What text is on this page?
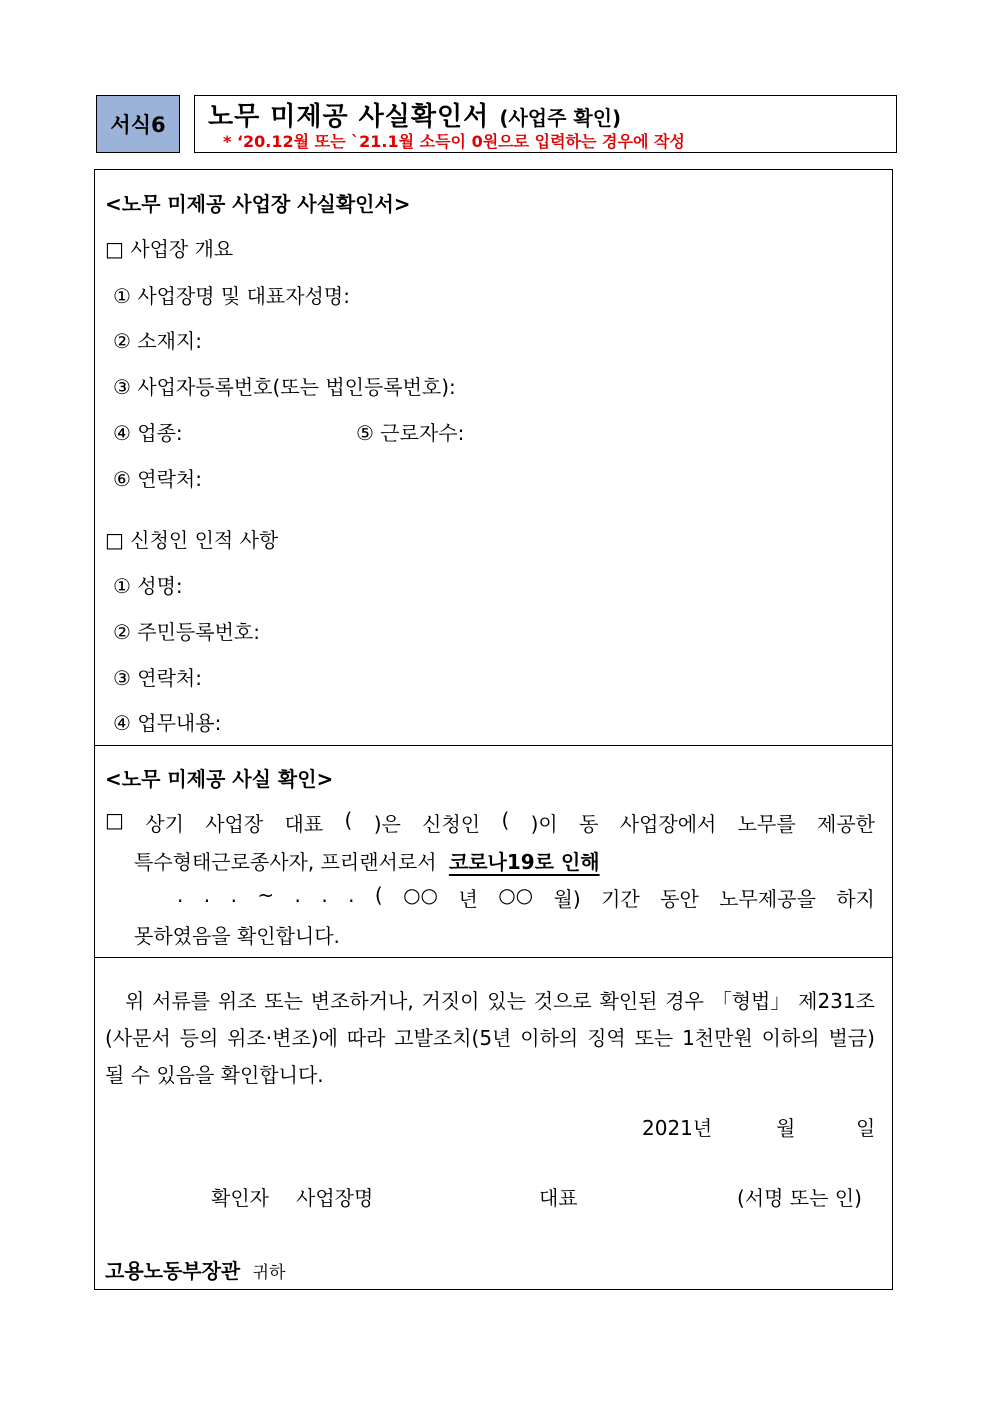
서식6	노무 미제공 사실확인서 (사업주 확인)
* ‘20.12월 또는 `21.1월 소득이 0원으로 입력하는 경우에 작성
<노무 미제공 사업장 사실확인서>
□ 사업장 개요
① 사업장명 및 대표자성명:
② 소재지:
③ 사업자등록번호(또는 법인등록번호):
④ 업종:	⑤ 근로자수:
⑥ 연락처:
□ 신청인 인적 사항
① 성명:
② 주민등록번호:
③ 연락처:
④ 업무내용:
<노무 미제공 사실 확인>
□ 상기 사업장 대표 ( )은 신청인 ( )이 동 사업장에서 노무를 제공한
특수형태근로종사자, 프리랜서로서 코로나19로 인해
. . . ~ . . . ( ○○ 년 ○○ 월) 기간 동안 노무제공을 하지
못하였음을 확인합니다.
위 서류를 위조 또는 변조하거나, 거짓이 있는 것으로 확인된 경우 「형법」 제231조
(사문서 등의 위조·변조)에 따라 고발조치(5년 이하의 징역 또는 1천만원 이하의 벌금)
될 수 있음을 확인합니다.
2021년	월	일
확인자 사업장명	대표	(서명 또는 인)
고용노동부장관 귀하
